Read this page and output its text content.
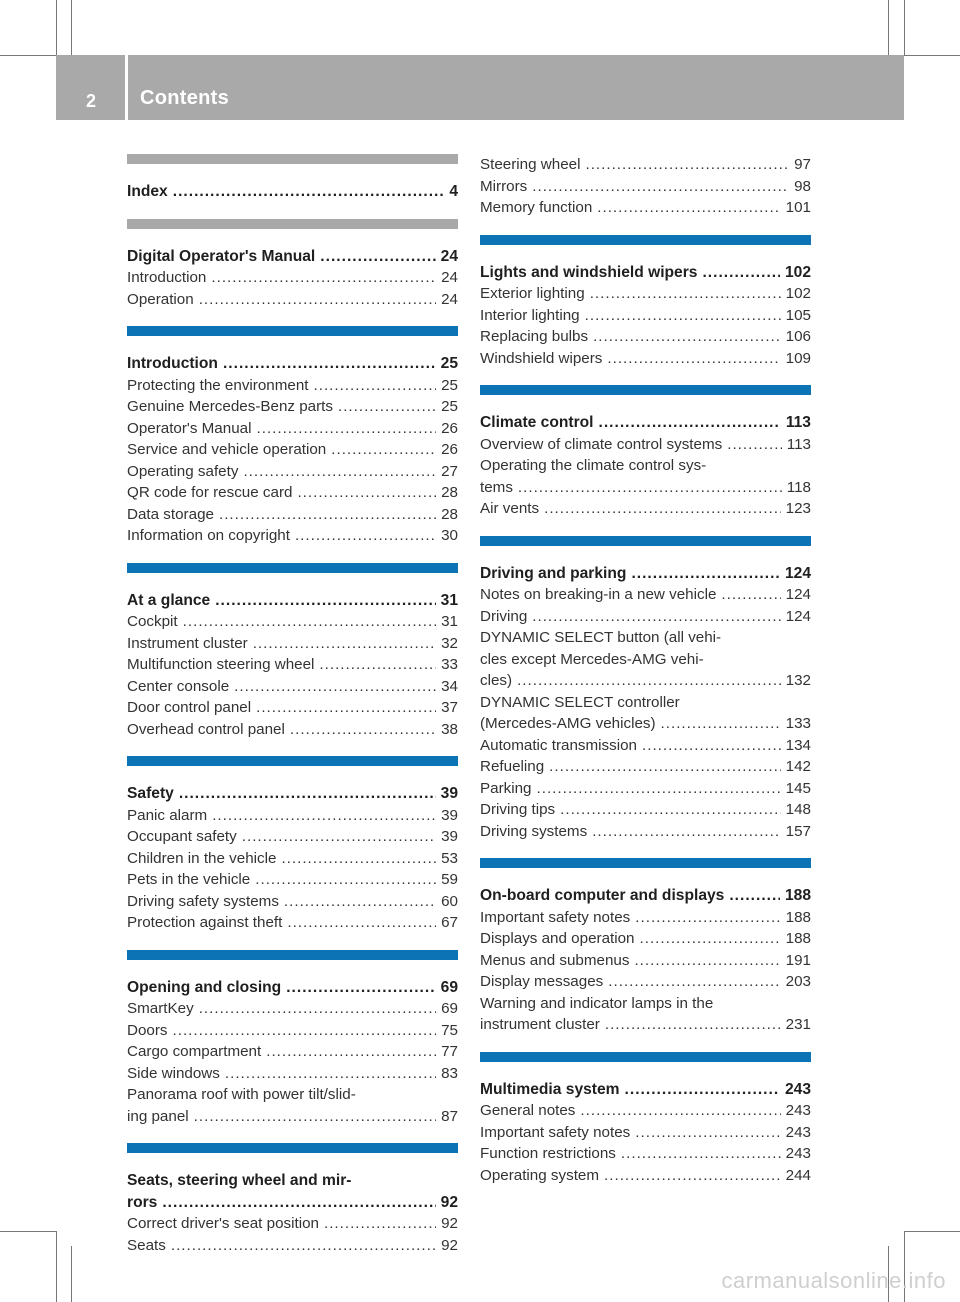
2 Contents
Index .....	4
Digital Operator's Manual .....	24
Introduction .....	24
Operation .....	24
Introduction .....	25
Protecting the environment .....	25
Genuine Mercedes-Benz parts .....	25
Operator's Manual .....	26
Service and vehicle operation .....	26
Operating safety .....	27
QR code for rescue card .....	28
Data storage .....	28
Information on copyright .....	30
At a glance .....	31
Cockpit .....	31
Instrument cluster .....	32
Multifunction steering wheel .....	33
Center console .....	34
Door control panel .....	37
Overhead control panel .....	38
Safety .....	39
Panic alarm .....	39
Occupant safety .....	39
Children in the vehicle .....	53
Pets in the vehicle .....	59
Driving safety systems .....	60
Protection against theft .....	67
Opening and closing .....	69
SmartKey .....	69
Doors .....	75
Cargo compartment .....	77
Side windows .....	83
Panorama roof with power tilt/slid-
ing panel .....	87
Seats, steering wheel and mir-
rors .....	92
Correct driver's seat position .....	92
Seats .....	92
Steering wheel .....	97
Mirrors .....	98
Memory function .....	101
Lights and windshield wipers .....	102
Exterior lighting .....	102
Interior lighting .....	105
Replacing bulbs .....	106
Windshield wipers .....	109
Climate control .....	113
Overview of climate control systems .....	113
Operating the climate control sys-
tems .....	118
Air vents .....	123
Driving and parking .....	124
Notes on breaking-in a new vehicle .....	124
Driving .....	124
DYNAMIC SELECT button (all vehi-
cles except Mercedes-AMG vehi-
cles) .....	132
DYNAMIC SELECT controller
(Mercedes-AMG vehicles) .....	133
Automatic transmission .....	134
Refueling .....	142
Parking .....	145
Driving tips .....	148
Driving systems .....	157
On-board computer and displays .....	188
Important safety notes .....	188
Displays and operation .....	188
Menus and submenus .....	191
Display messages .....	203
Warning and indicator lamps in the
instrument cluster .....	231
Multimedia system .....	243
General notes .....	243
Important safety notes .....	243
Function restrictions .....	243
Operating system .....	244
carmanualsonline.info
